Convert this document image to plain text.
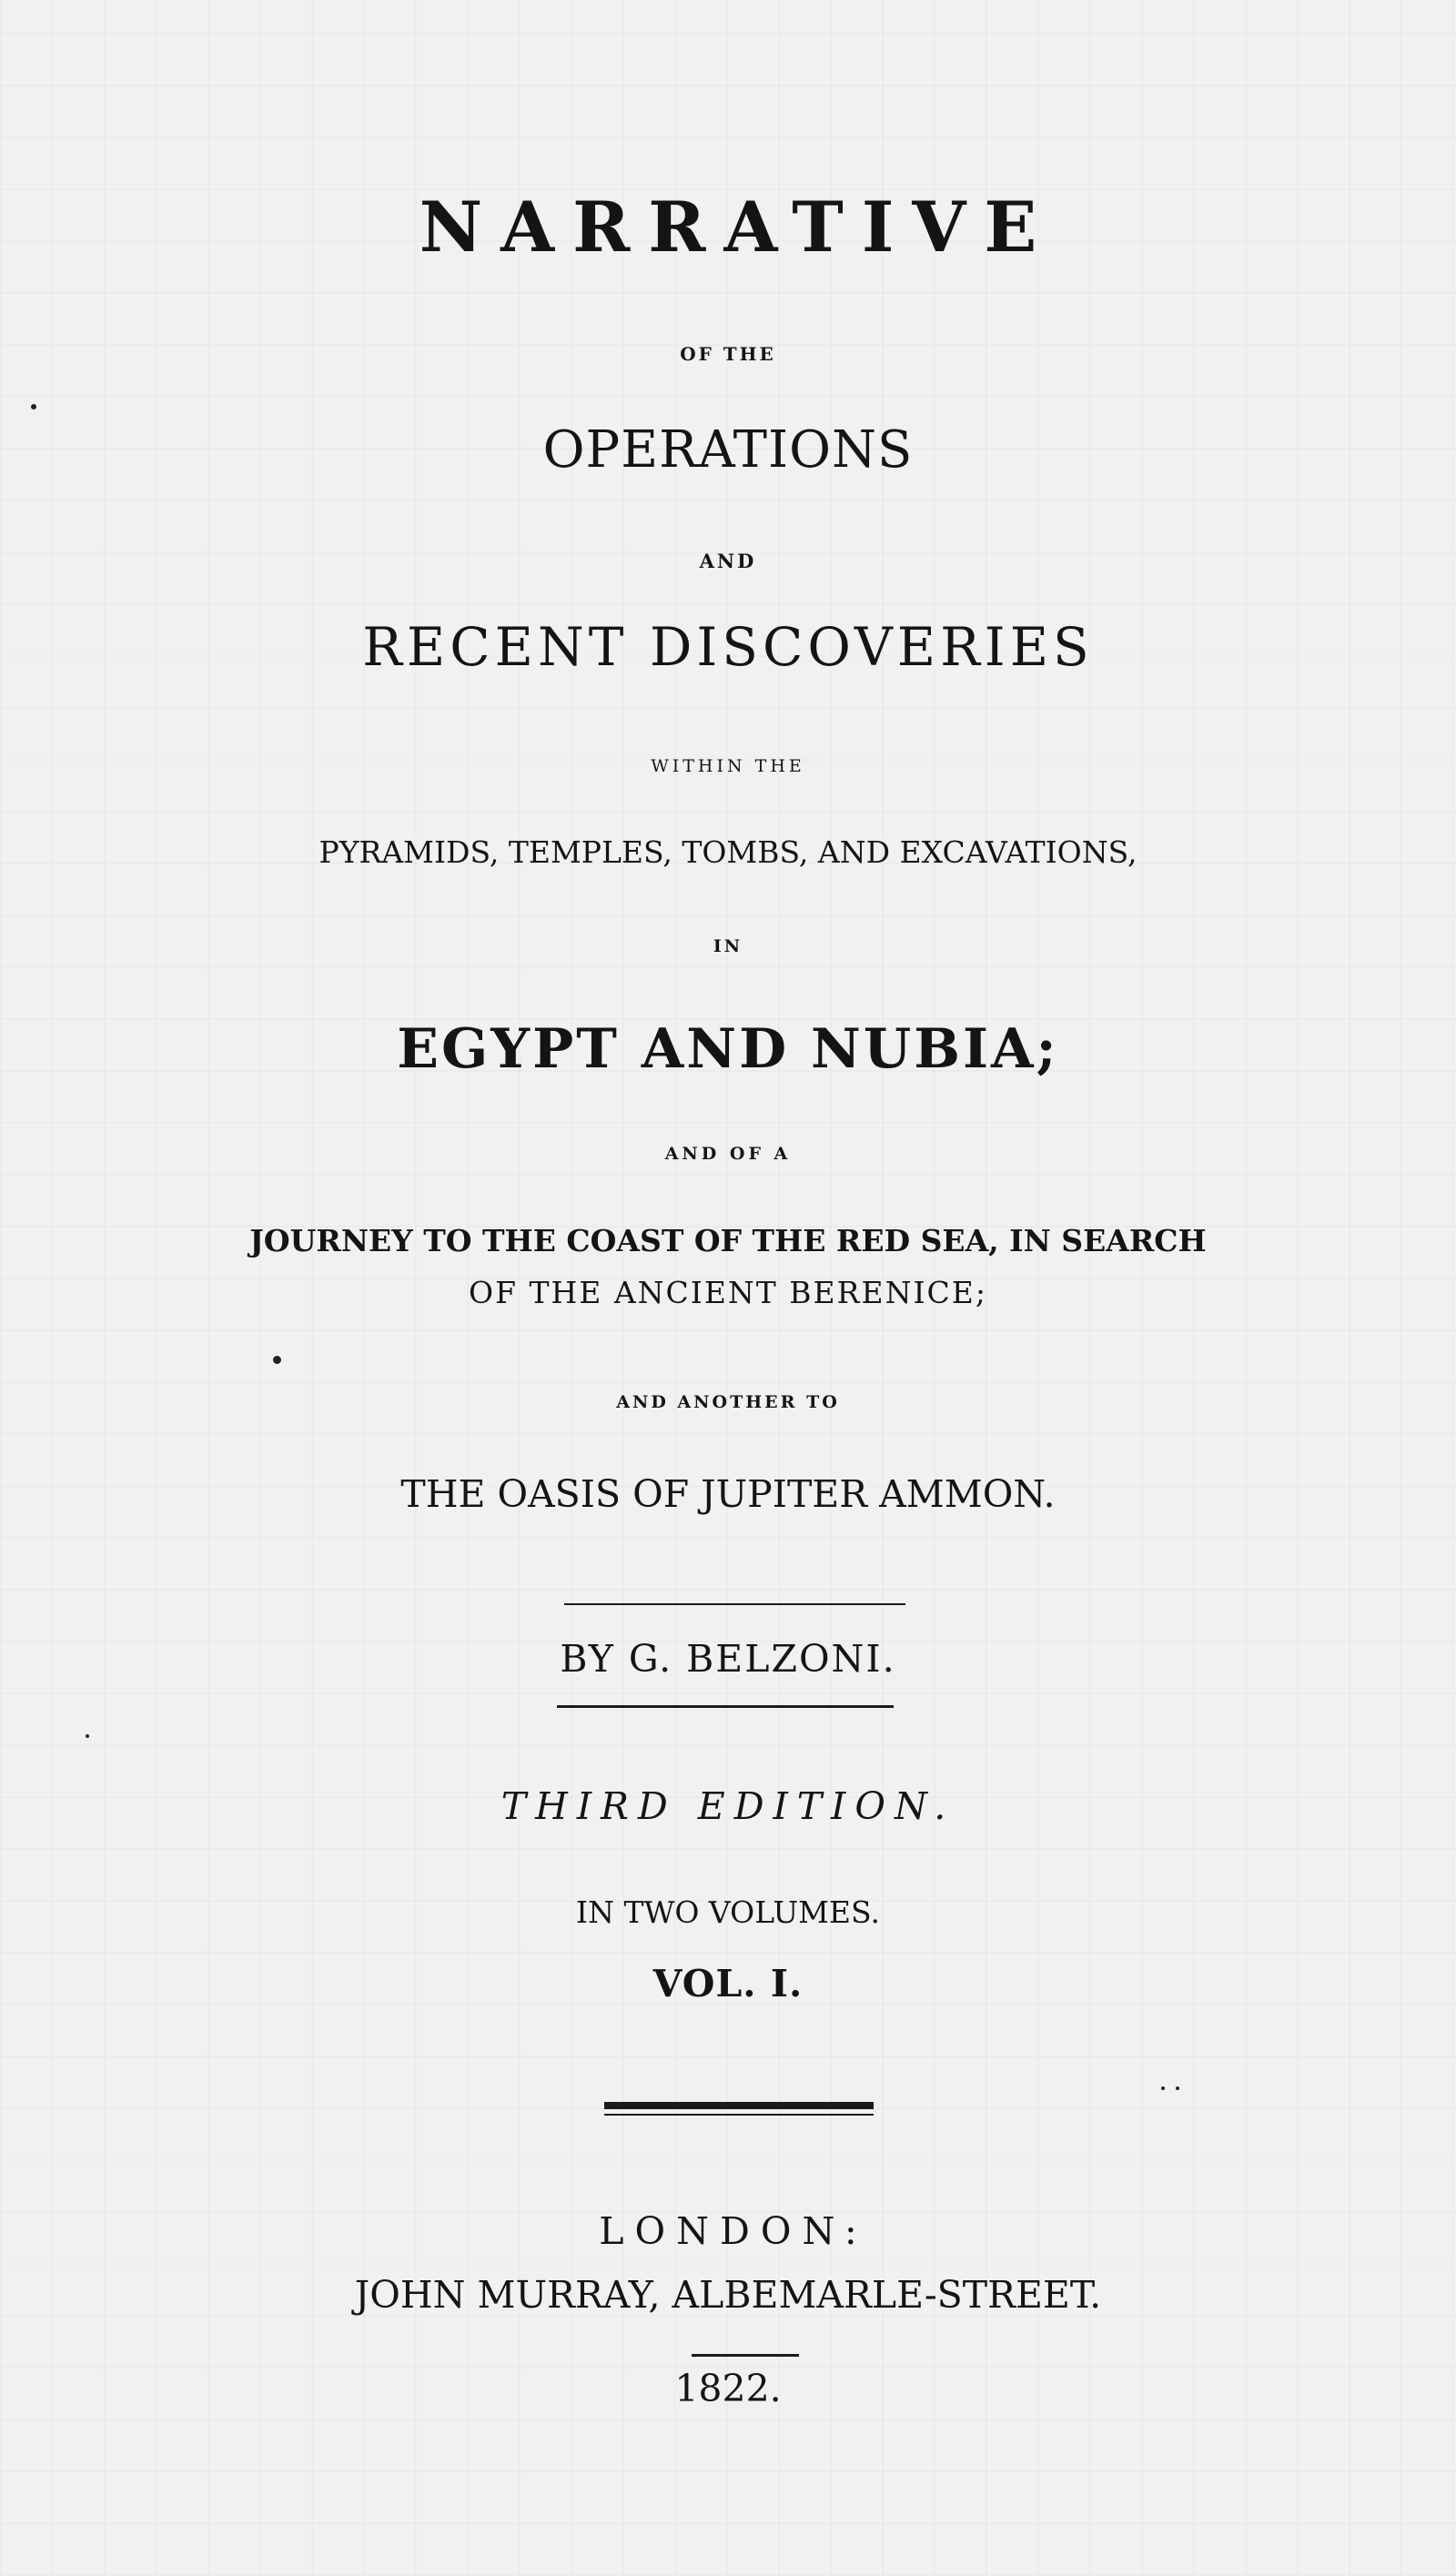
NARRATIVE
OF THE
OPERATIONS
AND
RECENT DISCOVERIES
WITHIN THE
PYRAMIDS, TEMPLES, TOMBS, AND EXCAVATIONS,
IN
EGYPT AND NUBIA;
AND OF A
JOURNEY TO THE COAST OF THE RED SEA, IN SEARCH
OF THE ANCIENT BERENICE;
AND ANOTHER TO
THE OASIS OF JUPITER AMMON.
BY G. BELZONI.
THIRD EDITION.
IN TWO VOLUMES.
VOL. I.
LONDON:
JOHN MURRAY, ALBEMARLE-STREET.
1822.
